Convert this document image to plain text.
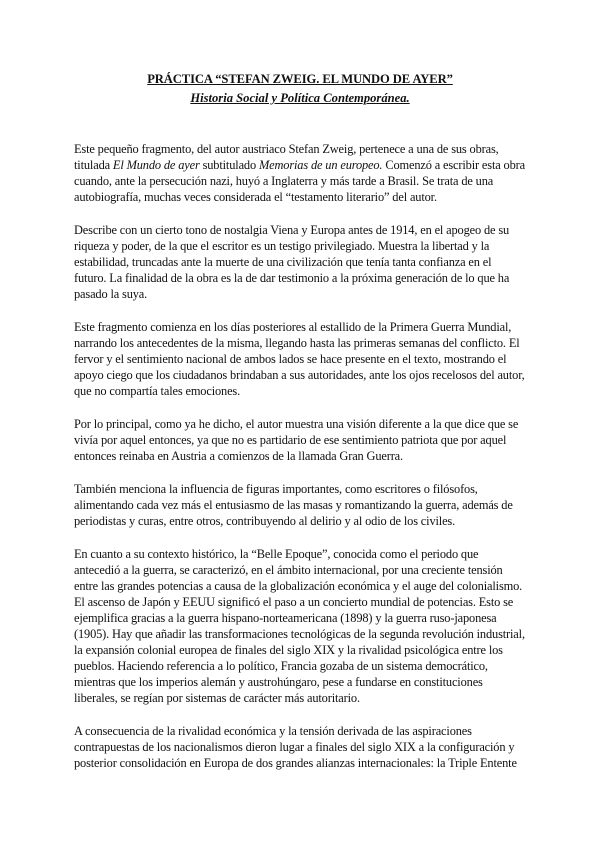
PRÁCTICA “STEFAN ZWEIG. EL MUNDO DE AYER”
Historia Social y Política Contemporánea.
Este pequeño fragmento, del autor austriaco Stefan Zweig, pertenece a una de sus obras,
titulada El Mundo de ayer subtitulado Memorias de un europeo. Comenzó a escribir esta obra
cuando, ante la persecución nazi, huyó a Inglaterra y más tarde a Brasil. Se trata de una
autobiografía, muchas veces considerada el “testamento literario” del autor.
Describe con un cierto tono de nostalgia Viena y Europa antes de 1914, en el apogeo de su
riqueza y poder, de la que el escritor es un testigo privilegiado. Muestra la libertad y la
estabilidad, truncadas ante la muerte de una civilización que tenía tanta confianza en el
futuro. La finalidad de la obra es la de dar testimonio a la próxima generación de lo que ha
pasado la suya.
Este fragmento comienza en los días posteriores al estallido de la Primera Guerra Mundial,
narrando los antecedentes de la misma, llegando hasta las primeras semanas del conflicto. El
fervor y el sentimiento nacional de ambos lados se hace presente en el texto, mostrando el
apoyo ciego que los ciudadanos brindaban a sus autoridades, ante los ojos recelosos del autor,
que no compartía tales emociones.
Por lo principal, como ya he dicho, el autor muestra una visión diferente a la que dice que se
vivía por aquel entonces, ya que no es partidario de ese sentimiento patriota que por aquel
entonces reinaba en Austria a comienzos de la llamada Gran Guerra.
También menciona la influencia de figuras importantes, como escritores o filósofos,
alimentando cada vez más el entusiasmo de las masas y romantizando la guerra, además de
periodistas y curas, entre otros, contribuyendo al delirio y al odio de los civiles.
En cuanto a su contexto histórico, la “Belle Epoque”, conocida como el periodo que
antecedió a la guerra, se caracterizó, en el ámbito internacional, por una creciente tensión
entre las grandes potencias a causa de la globalización económica y el auge del colonialismo.
El ascenso de Japón y EEUU significó el paso a un concierto mundial de potencias. Esto se
ejemplifica gracias a la guerra hispano-norteamericana (1898) y la guerra ruso-japonesa
(1905). Hay que añadir las transformaciones tecnológicas de la segunda revolución industrial,
la expansión colonial europea de finales del siglo XIX y la rivalidad psicológica entre los
pueblos. Haciendo referencia a lo político, Francia gozaba de un sistema democrático,
mientras que los imperios alemán y austrohúngaro, pese a fundarse en constituciones
liberales, se regían por sistemas de carácter más autoritario.
A consecuencia de la rivalidad económica y la tensión derivada de las aspiraciones
contrapuestas de los nacionalismos dieron lugar a finales del siglo XIX a la configuración y
posterior consolidación en Europa de dos grandes alianzas internacionales: la Triple Entente
